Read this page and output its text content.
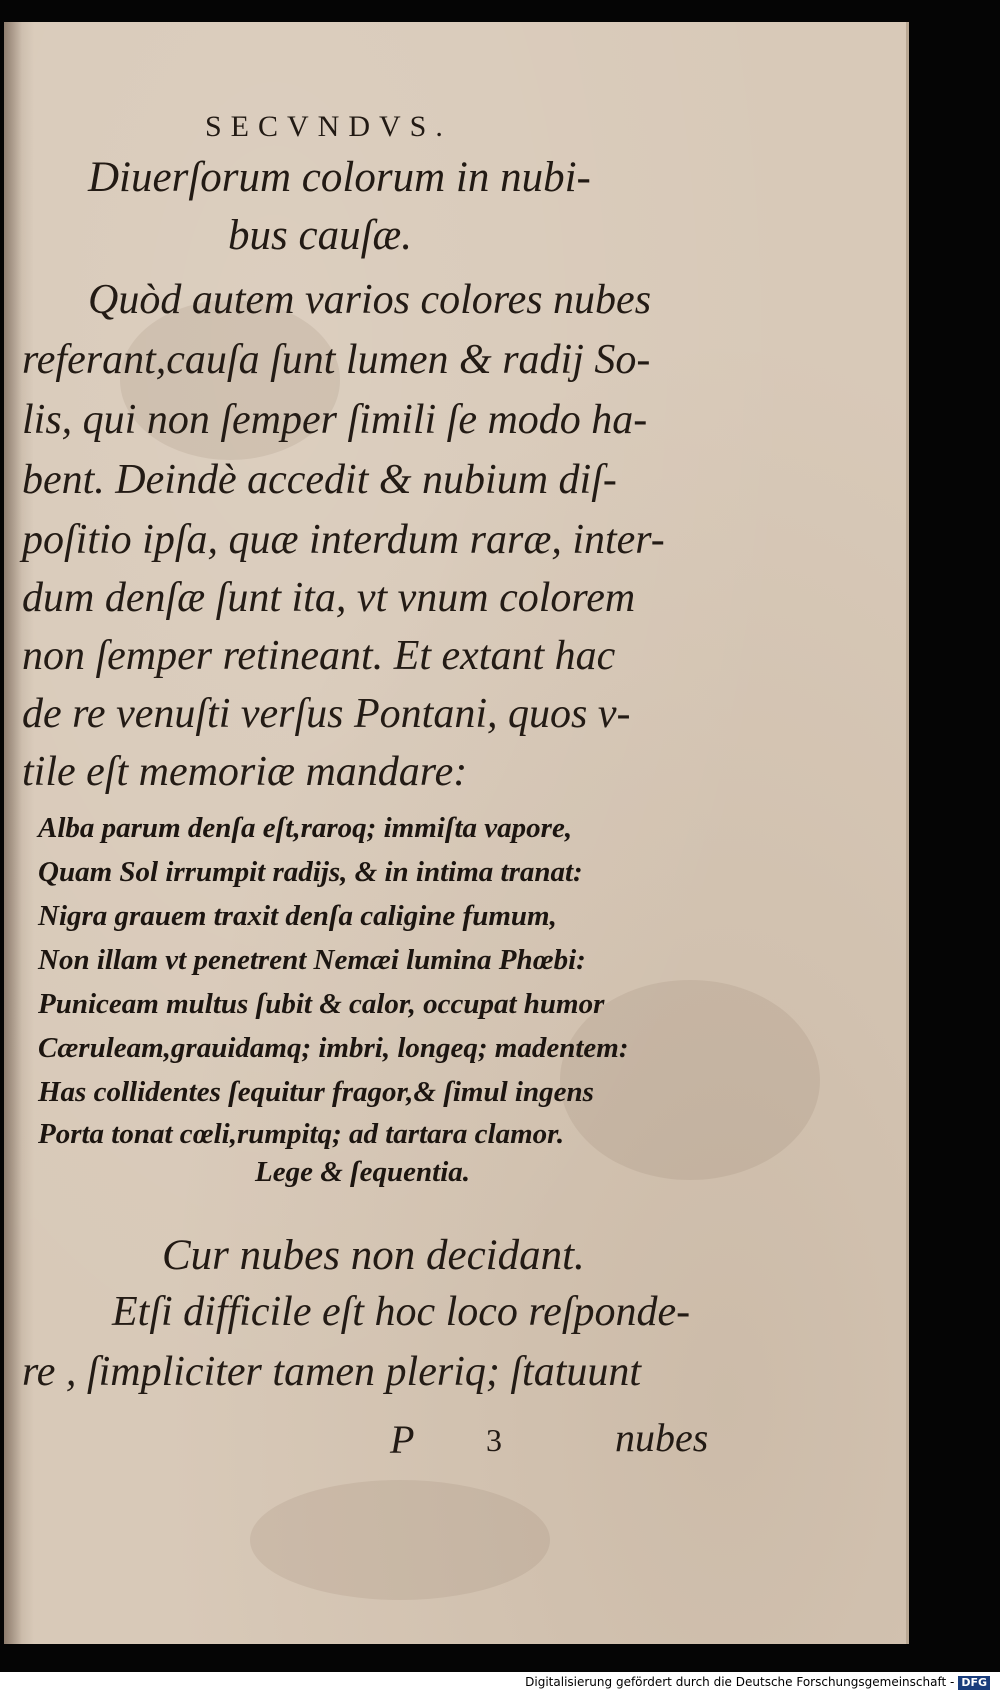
SECVNDVS.
Diuerſorum colorum in nubi-
bus cauſæ.
Quòd autem varios colores nubes
referant,cauſa ſunt lumen & radij So-
lis, qui non ſemper ſimili ſe modo ha-
bent. Deindè accedit & nubium diſ-
poſitio ipſa, quæ interdum raræ, inter-
dum denſæ ſunt ita, vt vnum colorem
non ſemper retineant. Et extant hac
de re venuſti verſus Pontani, quos v-
tile eſt memoriæ mandare:
Alba parum denſa eſt,raroq; immiſta vapore,
Quam Sol irrumpit radijs, & in intima tranat:
Nigra grauem traxit denſa caligine fumum,
Non illam vt penetrent Nemæi lumina Phœbi:
Puniceam multus ſubit & calor, occupat humor
Cæruleam,grauidamq; imbri, longeq; madentem:
Has collidentes ſequitur fragor,& ſimul ingens
Porta tonat cœli,rumpitq; ad tartara clamor.
Lege & ſequentia.
Cur nubes non decidant.
Etſi difficile eſt hoc loco reſponde-
re , ſimpliciter tamen pleriq; ſtatuunt
P 3	nubes
Digitalisierung gefördert durch die Deutsche Forschungsgemeinschaft - DFG
